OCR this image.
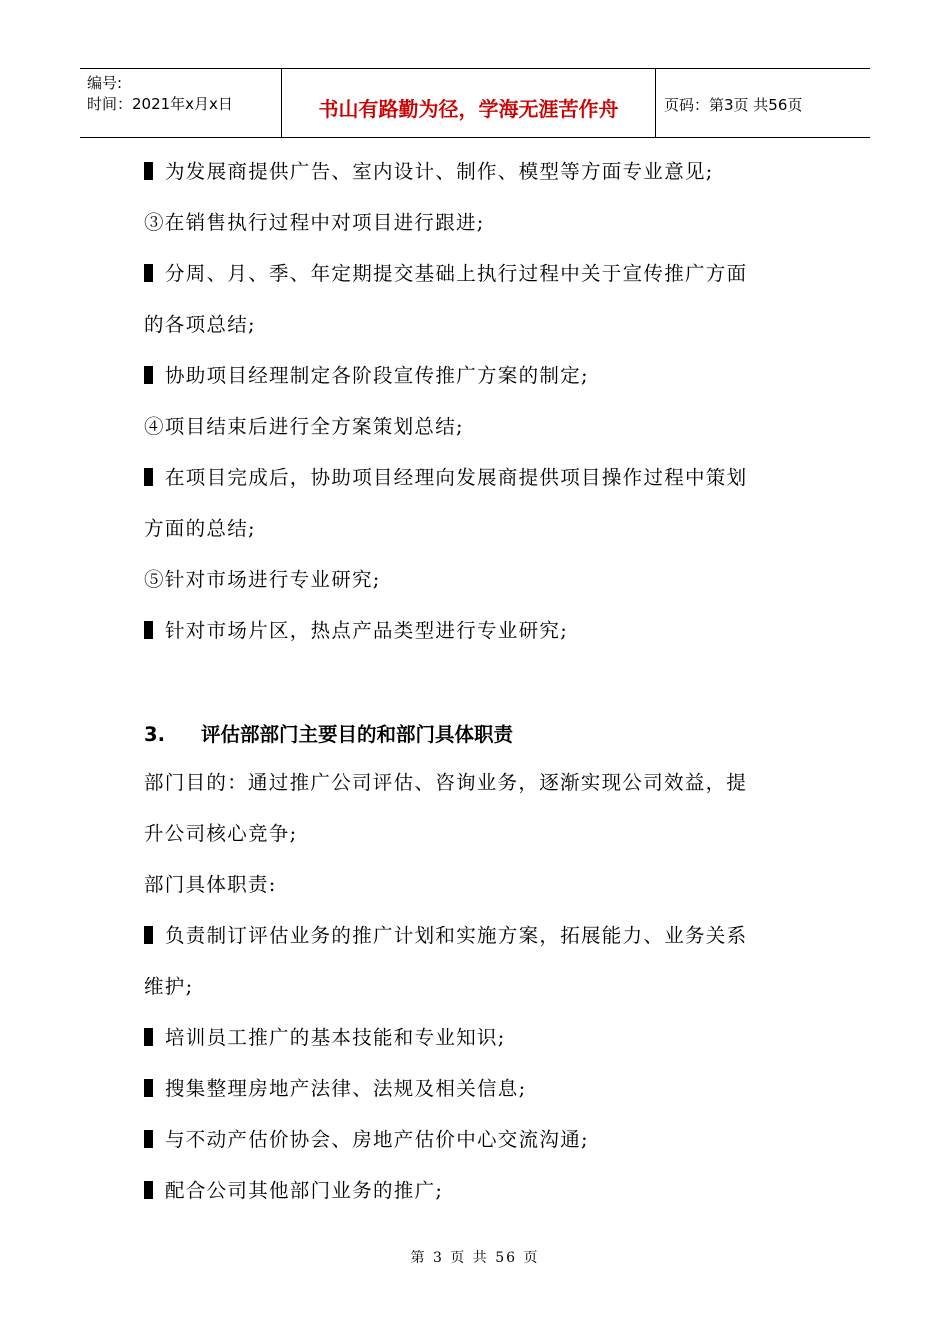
编号:
时间：2021年x月x日	书山有路勤为径，学海无涯苦作舟	页码：第3页 共56页
为发展商提供广告、室内设计、制作、模型等方面专业意见;
③在销售执行过程中对项目进行跟进;
分周、月、季、年定期提交基础上执行过程中关于宣传推广方面
的各项总结;
协助项目经理制定各阶段宣传推广方案的制定;
④项目结束后进行全方案策划总结;
在项目完成后，协助项目经理向发展商提供项目操作过程中策划
方面的总结;
⑤针对市场进行专业研究;
针对市场片区，热点产品类型进行专业研究;
3. 评估部部门主要目的和部门具体职责
部门目的：通过推广公司评估、咨询业务，逐渐实现公司效益，提
升公司核心竞争;
部门具体职责:
负责制订评估业务的推广计划和实施方案，拓展能力、业务关系
维护;
培训员工推广的基本技能和专业知识;
搜集整理房地产法律、法规及相关信息;
与不动产估价协会、房地产估价中心交流沟通;
配合公司其他部门业务的推广;
第 3 页 共 56 页
